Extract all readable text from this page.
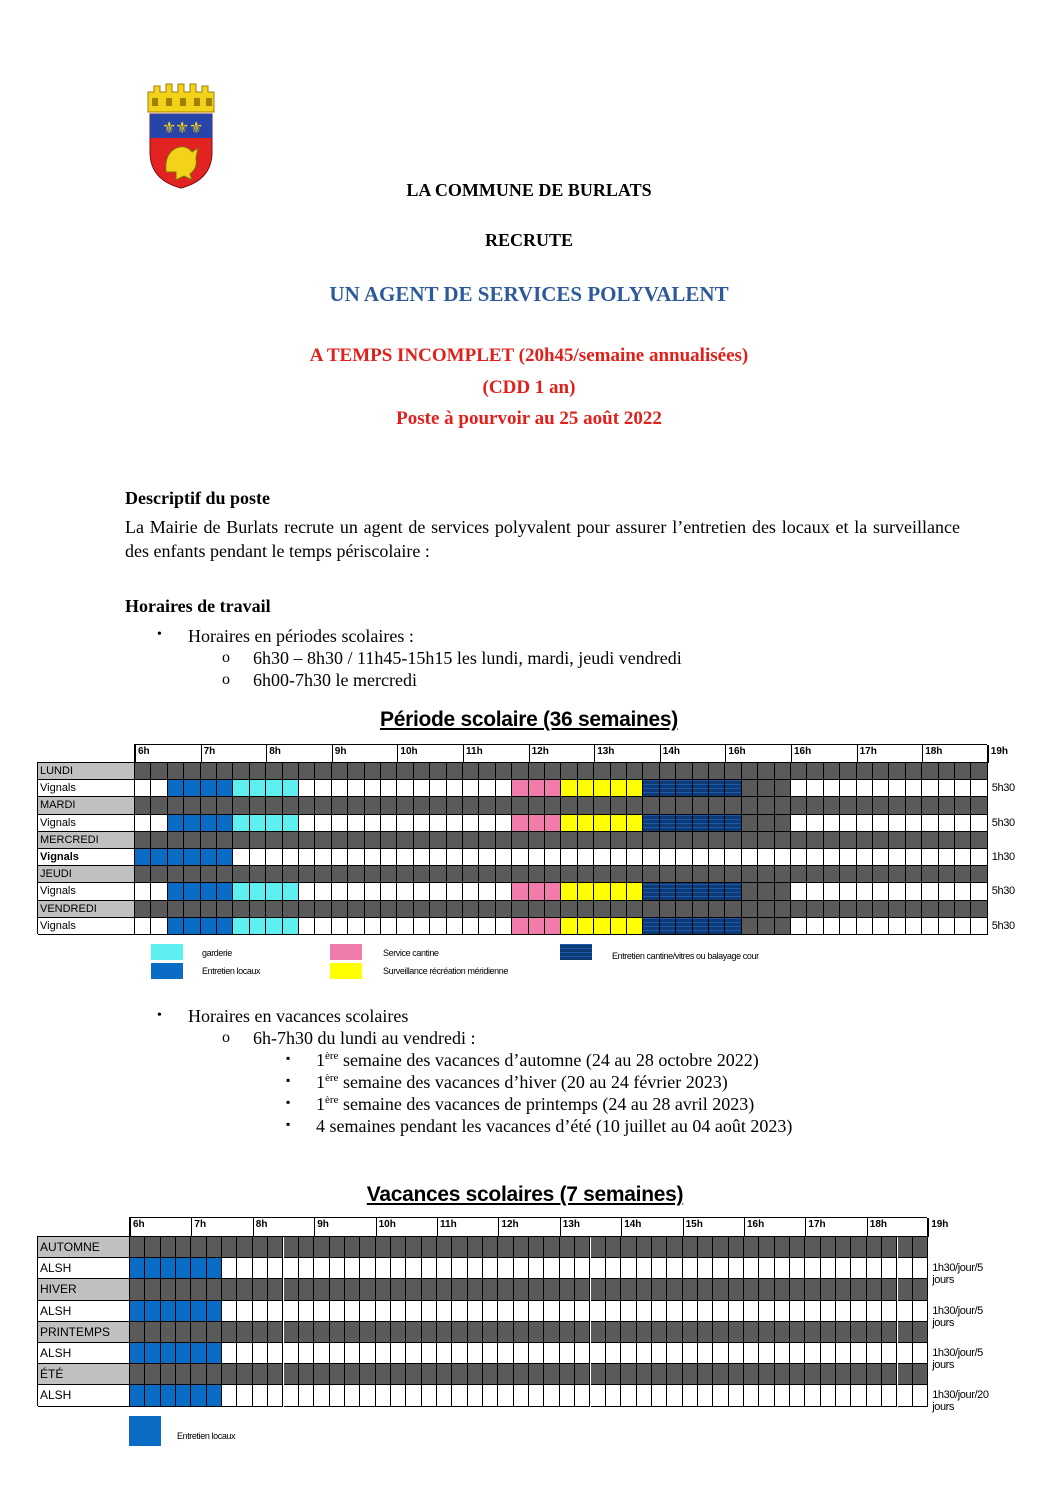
⚜
⚜ ⚜
LA COMMUNE DE BURLATS
RECRUTE
UN AGENT DE SERVICES POLYVALENT
A TEMPS INCOMPLET (20h45/semaine annualisées)
(CDD 1 an)
Poste à pourvoir au 25 août 2022
Descriptif du poste
La Mairie de Burlats recrute un agent de services polyvalent pour assurer l’entretien des locaux et la surveillance des enfants pendant le temps périscolaire :
Horaires de travail
• Horaires en périodes scolaires :
o 6h30 – 8h30 / 11h45-15h15 les lundi, mardi, jeudi vendredi
o 6h00-7h30 le mercredi
Période scolaire (36 semaines)
6h	7h	8h	9h	10h	11h	12h	13h	14h	16h	16h	17h	18h	19h
LUNDI
Vignals	5h30
MARDI
Vignals	5h30
MERCREDI
Vignals	1h30
JEUDI
Vignals	5h30
VENDREDI
Vignals	5h30
• Horaires en vacances scolaires
o 6h-7h30 du lundi au vendredi :
▪ 1ère semaine des vacances d’automne (24 au 28 octobre 2022)
▪ 1ère semaine des vacances d’hiver (20 au 24 février 2023)
▪ 1ère semaine des vacances de printemps (24 au 28 avril 2023)
▪ 4 semaines pendant les vacances d’été (10 juillet au 04 août 2023)
Vacances scolaires (7 semaines)
6h	7h	8h	9h	10h	11h	12h	13h	14h	15h	16h	17h	18h	19h
AUTOMNE
ALSH	1h30/jour/5 jours
HIVER
ALSH	1h30/jour/5 jours
PRINTEMPS
ALSH	1h30/jour/5 jours
ÉTÉ
ALSH	1h30/jour/20 jours
Entretien locaux
garderie
Entretien locaux
Service cantine
Surveillance récréation méridienne
Entretien cantine/vitres ou balayage cour
